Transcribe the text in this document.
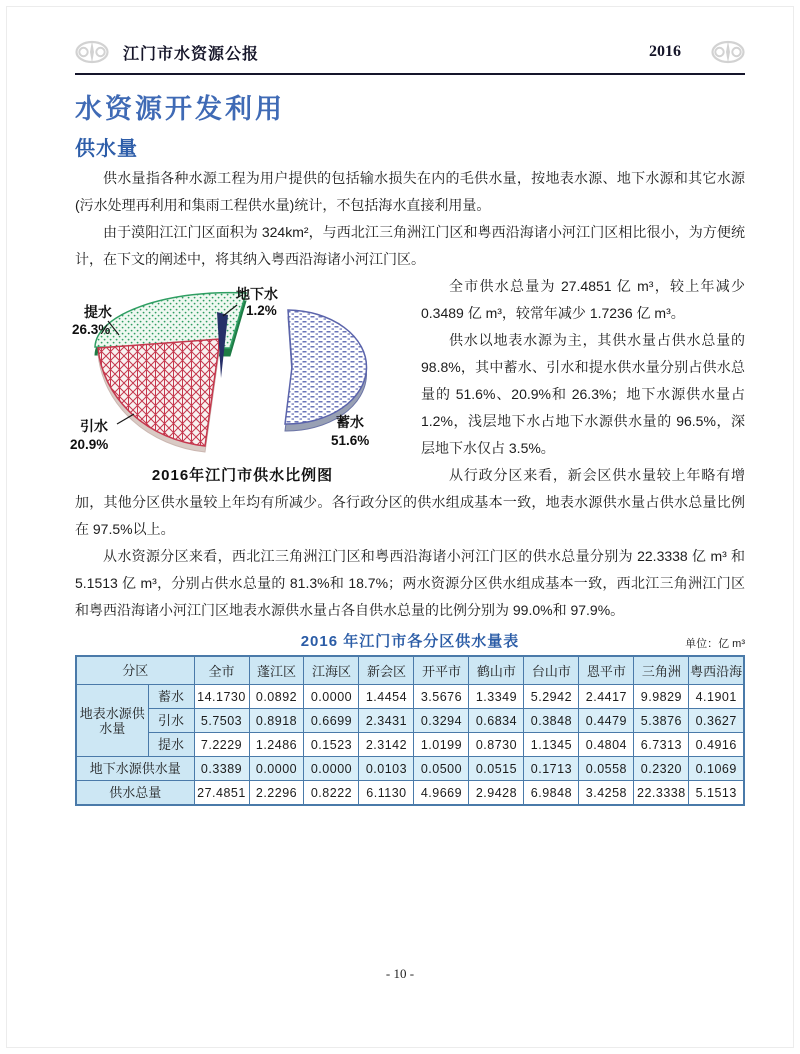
江门市水资源公报	2016
水资源开发利用
供水量

供水量指各种水源工程为用户提供的包括输水损失在内的毛供水量，按地表水源、地下水源和其它水源(污水处理再利用和集雨工程供水量)统计，不包括海水直接利用量。

由于漠阳江江门区面积为 324km²，与西北江三角洲江门区和粤西沿海诸小河江门区相比很小，为方便统计，在下文的阐述中，将其纳入粤西沿海诸小河江门区。

提水
26.3%
地下水
1.2%
引水
20.9%
蓄水
51.6%
2016年江门市供水比例图

全市供水总量为 27.4851 亿 m³，较上年减少 0.3489 亿 m³，较常年减少 1.7236 亿 m³。

供水以地表水源为主，其供水量占供水总量的 98.8%，其中蓄水、引水和提水供水量分别占供水总量的 51.6%、20.9%和 26.3%；地下水源供水量占 1.2%，浅层地下水占地下水源供水量的 96.5%，深层地下水仅占 3.5%。

从行政分区来看，新会区供水量较上年略有增加，其他分区供水量较上年均有所减少。各行政分区的供水组成基本一致，地表水源供水量占供水总量比例在 97.5%以上。

从水资源分区来看，西北江三角洲江门区和粤西沿海诸小河江门区的供水总量分别为 22.3338 亿 m³ 和 5.1513 亿 m³，分别占供水总量的 81.3%和 18.7%；两水资源分区供水组成基本一致，西北江三角洲江门区和粤西沿海诸小河江门区地表水源供水量占各自供水总量的比例分别为 99.0%和 97.9%。

2016 年江门市各分区供水量表	单位：亿 m³
分区		全市	蓬江区	江海区	新会区	开平市	鹤山市	台山市	恩平市	三角洲	粤西沿海
地表水源供水量	蓄水	14.1730	0.0892	0.0000	1.4454	3.5676	1.3349	5.2942	2.4417	9.9829	4.1901
	引水	5.7503	0.8918	0.6699	2.3431	0.3294	0.6834	0.3848	0.4479	5.3876	0.3627
	提水	7.2229	1.2486	0.1523	2.3142	1.0199	0.8730	1.1345	0.4804	6.7313	0.4916
地下水源供水量		0.3389	0.0000	0.0000	0.0103	0.0500	0.0515	0.1713	0.0558	0.2320	0.1069
供水总量		27.4851	2.2296	0.8222	6.1130	4.9669	2.9428	6.9848	3.4258	22.3338	5.1513
- 10 -
